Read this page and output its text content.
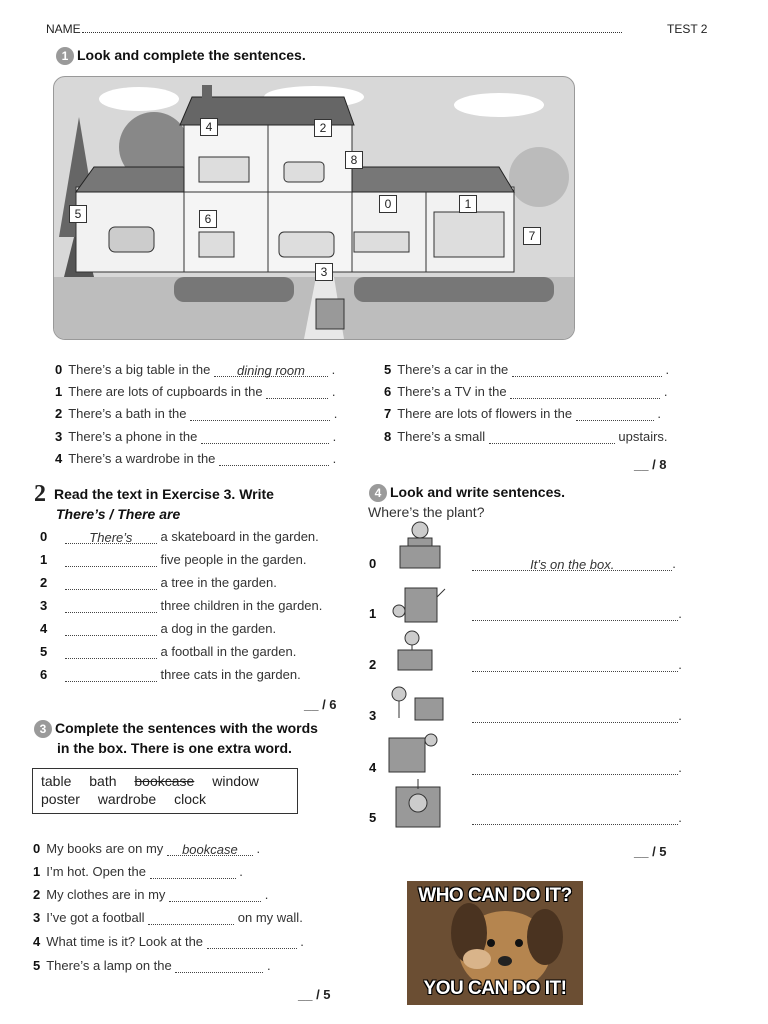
NAME	TEST 2
1 Look and complete the sentences.
4	2
8
5	6
0	1
7
3
0 There’s a big table in the dining room .
1 There are lots of cupboards in the	.
2 There’s a bath in the	.
3 There’s a phone in the	.
4 There’s a wardrobe in the	.
5 There’s a car in the	.
6 There’s a TV in the	.
7 There are lots of flowers in the	.
8 There’s a small	upstairs.
__ / 8
2 Read the text in Exercise 3. Write
There’s / There are
0	There’s a skateboard in the garden.
1	five people in the garden.
2	a tree in the garden.
3	three children in the garden.
4	a dog in the garden.
5	a football in the garden.
6	three cats in the garden.
__ / 6
3 Complete the sentences with the words
in the box. There is one extra word.
table bath bookcase window
poster wardrobe clock
0 My books are on my bookcase .
1 I’m hot. Open the	.
2 My clothes are in my	.
3 I’ve got a football	on my wall.
4 What time is it? Look at the	.
5 There’s a lamp on the	.
__ / 5
4 Look and write sentences.
Where’s the plant?
0	It’s on the box.	.
1	.
2	.
3	.
4	.
5	.
__ / 5
WHO CAN DO IT?
YOU CAN DO IT!
